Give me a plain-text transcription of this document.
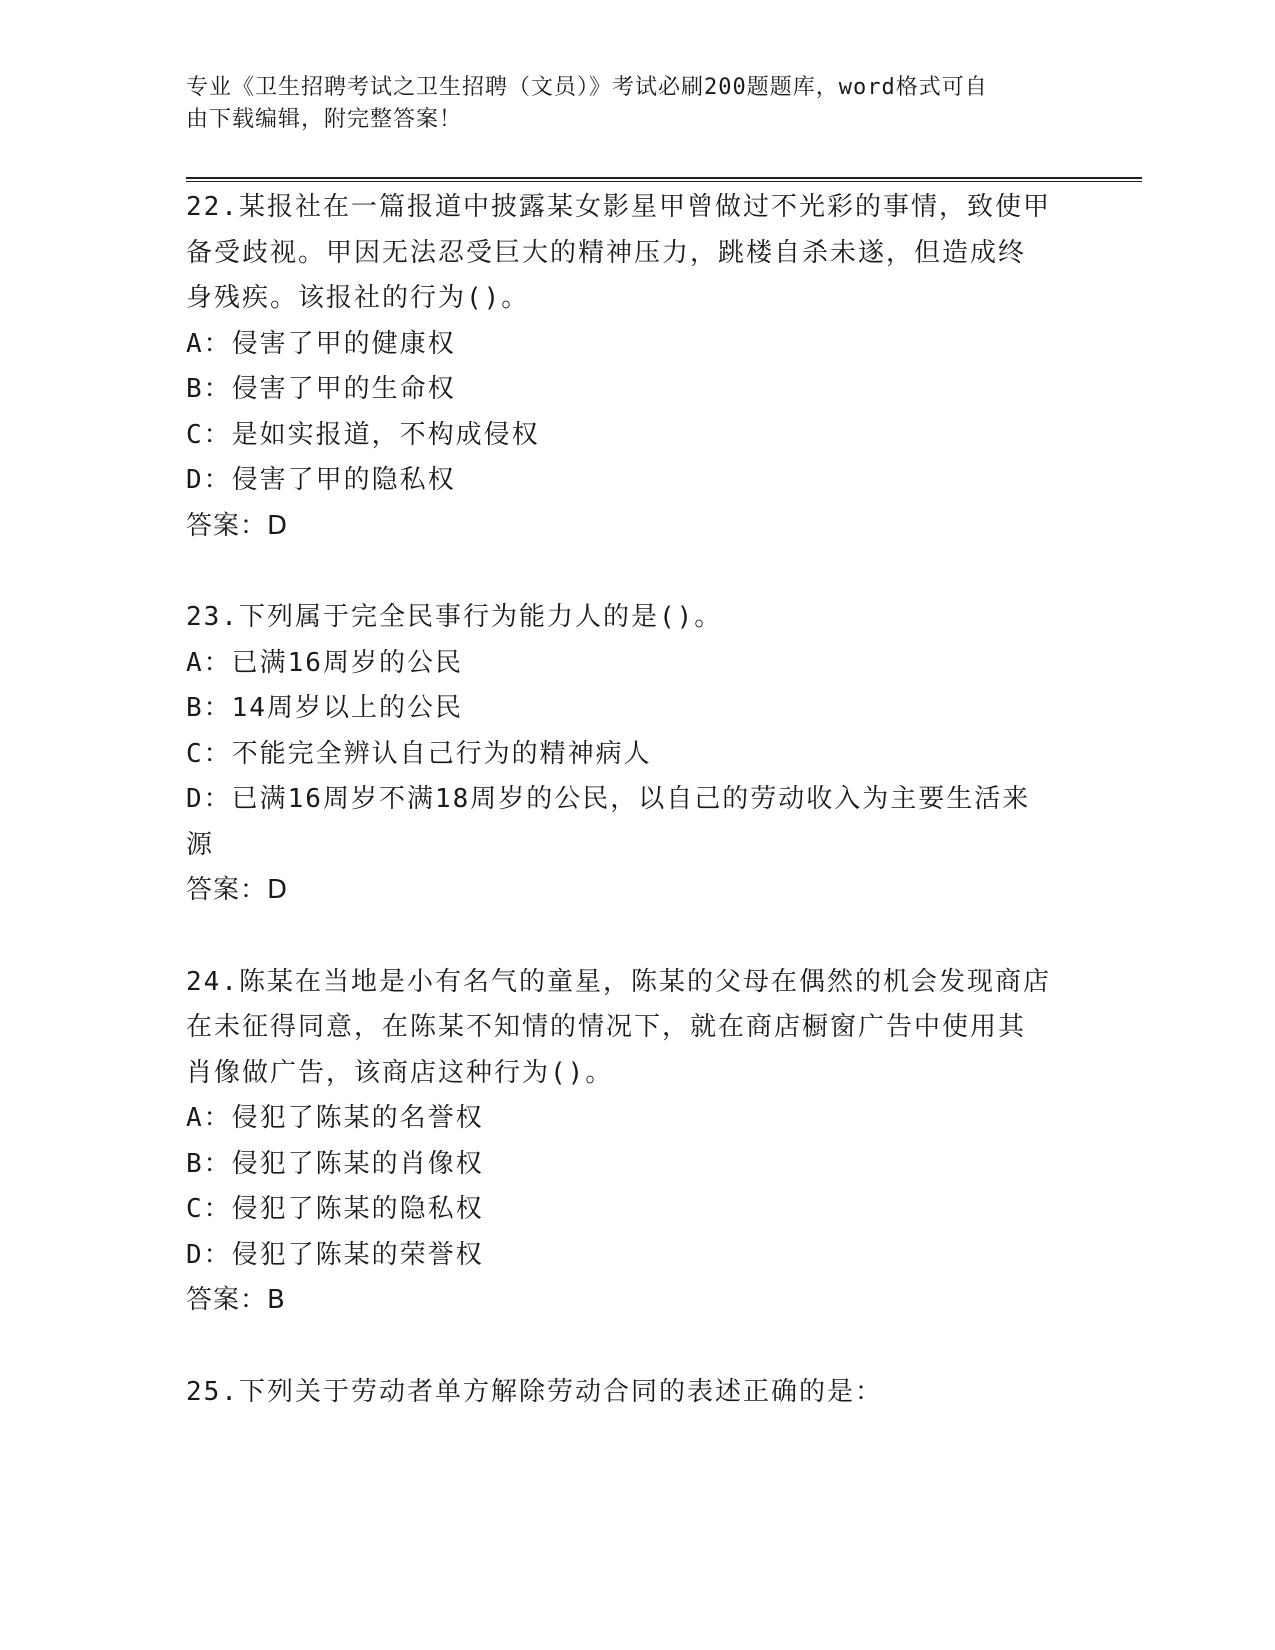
专业《卫生招聘考试之卫生招聘（文员）》考试必刷200题题库，word格式可自
由下载编辑，附完整答案！
22.某报社在一篇报道中披露某女影星甲曾做过不光彩的事情，致使甲
备受歧视。甲因无法忍受巨大的精神压力，跳楼自杀未遂，但造成终
身残疾。该报社的行为()。
A：侵害了甲的健康权
B：侵害了甲的生命权
C：是如实报道，不构成侵权
D：侵害了甲的隐私权
答案：D
23.下列属于完全民事行为能力人的是()。
A：已满16周岁的公民
B：14周岁以上的公民
C：不能完全辨认自己行为的精神病人
D：已满16周岁不满18周岁的公民，以自己的劳动收入为主要生活来
源
答案：D
24.陈某在当地是小有名气的童星，陈某的父母在偶然的机会发现商店
在未征得同意，在陈某不知情的情况下，就在商店橱窗广告中使用其
肖像做广告，该商店这种行为()。
A：侵犯了陈某的名誉权
B：侵犯了陈某的肖像权
C：侵犯了陈某的隐私权
D：侵犯了陈某的荣誉权
答案：B
25.下列关于劳动者单方解除劳动合同的表述正确的是：
